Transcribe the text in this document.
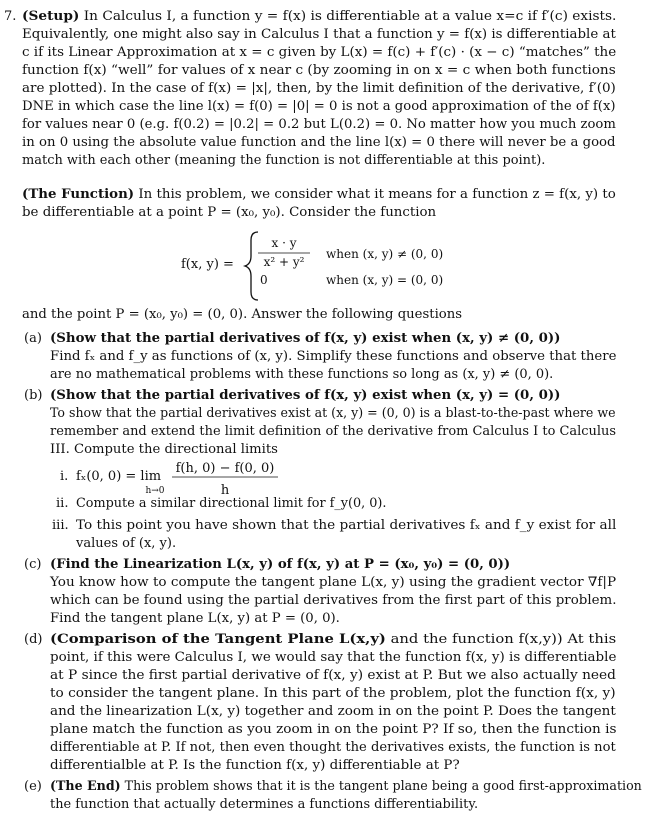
f(x, y) =
x · y
x² + y²
when (x, y) ≠ (0, 0)
0	when (x, y) = (0, 0)
i. fₓ(0, 0) = lim
h→0
f(h, 0) − f(0, 0)
h
7. (Setup) In Calculus I, a function y = f(x) is differentiable at a value x=c if f′(c) exists.
Equivalently, one might also say in Calculus I that a function y = f(x) is differentiable at
c if its Linear Approximation at x = c given by L(x) = f(c) + f′(c) · (x − c) “matches” the
function f(x) “well” for values of x near c (by zooming in on x = c when both functions
are plotted). In the case of f(x) = |x|, then, by the limit definition of the derivative, f′(0)
DNE in which case the line l(x) = f(0) = |0| = 0 is not a good approximation of the of f(x)
for values near 0 (e.g. f(0.2) = |0.2| = 0.2 but L(0.2) = 0. No matter how you much zoom
in on 0 using the absolute value function and the line l(x) = 0 there will never be a good
match with each other (meaning the function is not differentiable at this point).
(The Function) In this problem, we consider what it means for a function z = f(x, y) to
be differentiable at a point P = (x₀, y₀). Consider the function
and the point P = (x₀, y₀) = (0, 0). Answer the following questions
(a) (Show that the partial derivatives of f(x, y) exist when (x, y) ≠ (0, 0))
Find fₓ and f_y as functions of (x, y). Simplify these functions and observe that there
are no mathematical problems with these functions so long as (x, y) ≠ (0, 0).
(b) (Show that the partial derivatives of f(x, y) exist when (x, y) = (0, 0))
To show that the partial derivatives exist at (x, y) = (0, 0) is a blast-to-the-past where we
remember and extend the limit definition of the derivative from Calculus I to Calculus
III. Compute the directional limits
ii. Compute a similar directional limit for f_y(0, 0).
iii. To this point you have shown that the partial derivatives fₓ and f_y exist for all
values of (x, y).
(c) (Find the Linearization L(x, y) of f(x, y) at P = (x₀, y₀) = (0, 0))
You know how to compute the tangent plane L(x, y) using the gradient vector ∇f|P
which can be found using the partial derivatives from the first part of this problem.
Find the tangent plane L(x, y) at P = (0, 0).
(d) (Comparison of the Tangent Plane L(x,y) and the function f(x,y)) At this
point, if this were Calculus I, we would say that the function f(x, y) is differentiable
at P since the first partial derivative of f(x, y) exist at P. But we also actually need
to consider the tangent plane. In this part of the problem, plot the function f(x, y)
and the linearization L(x, y) together and zoom in on the point P. Does the tangent
plane match the function as you zoom in on the point P? If so, then the function is
differentiable at P. If not, then even thought the derivatives exists, the function is not
differentialble at P. Is the function f(x, y) differentiable at P?
(e) (The End) This problem shows that it is the tangent plane being a good first-approximation
the function that actually determines a functions differentiability.
